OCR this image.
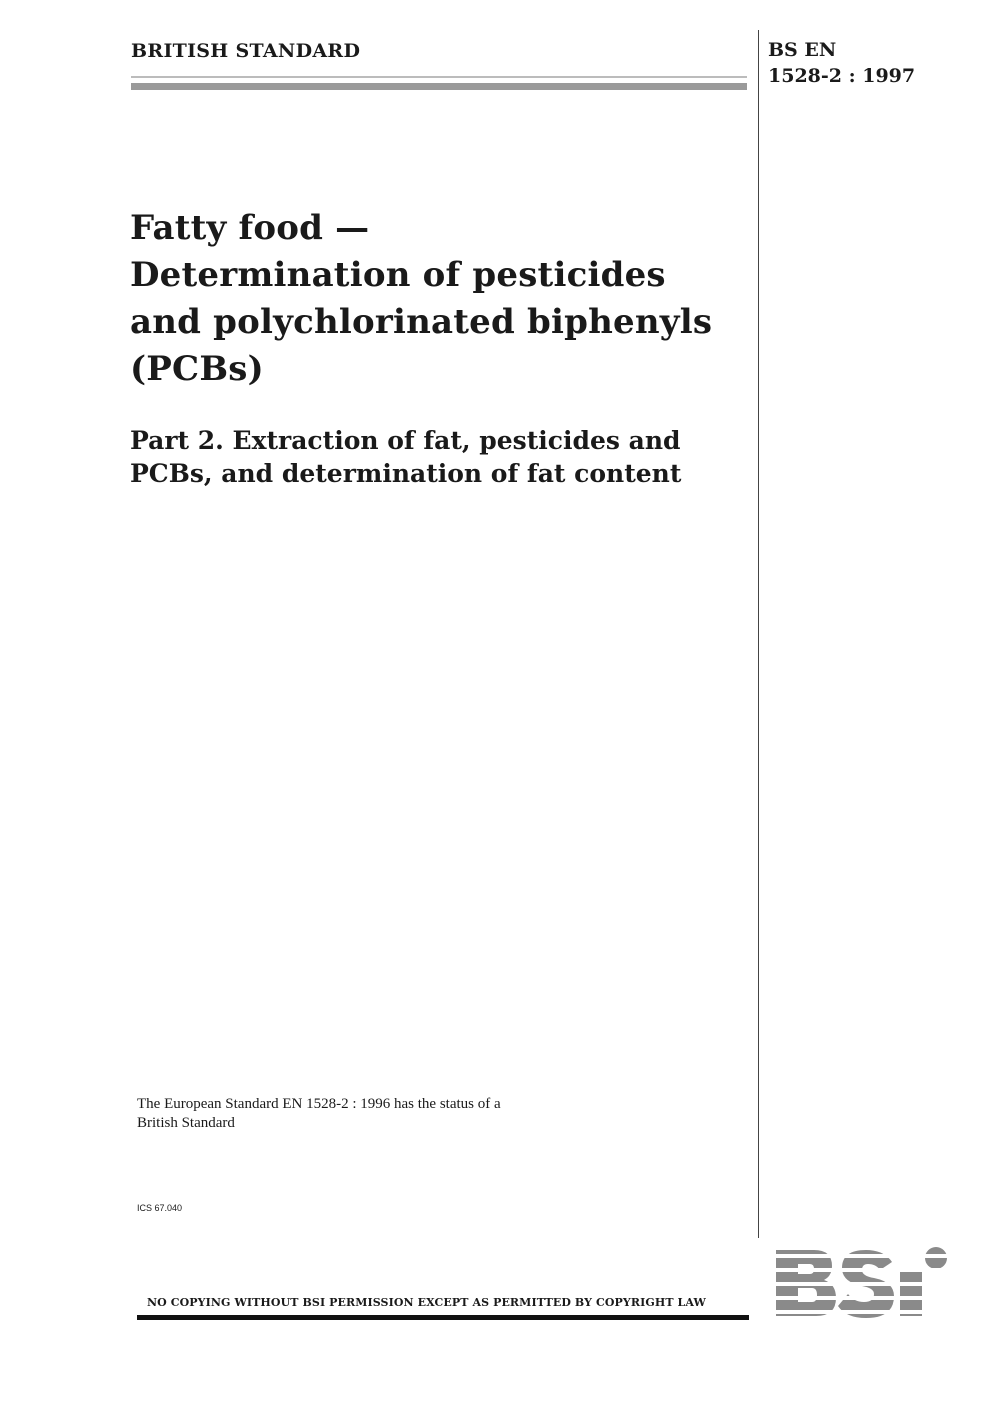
BRITISH STANDARD	BS EN
1528-2 : 1997
Fatty food —
Determination of pesticides
and polychlorinated biphenyls
(PCBs)
Part 2. Extraction of fat, pesticides and
PCBs, and determination of fat content
The European Standard EN 1528-2 : 1996 has the status of a
British Standard
ICS 67.040
NO COPYING WITHOUT BSI PERMISSION EXCEPT AS PERMITTED BY COPYRIGHT LAW
BSi
